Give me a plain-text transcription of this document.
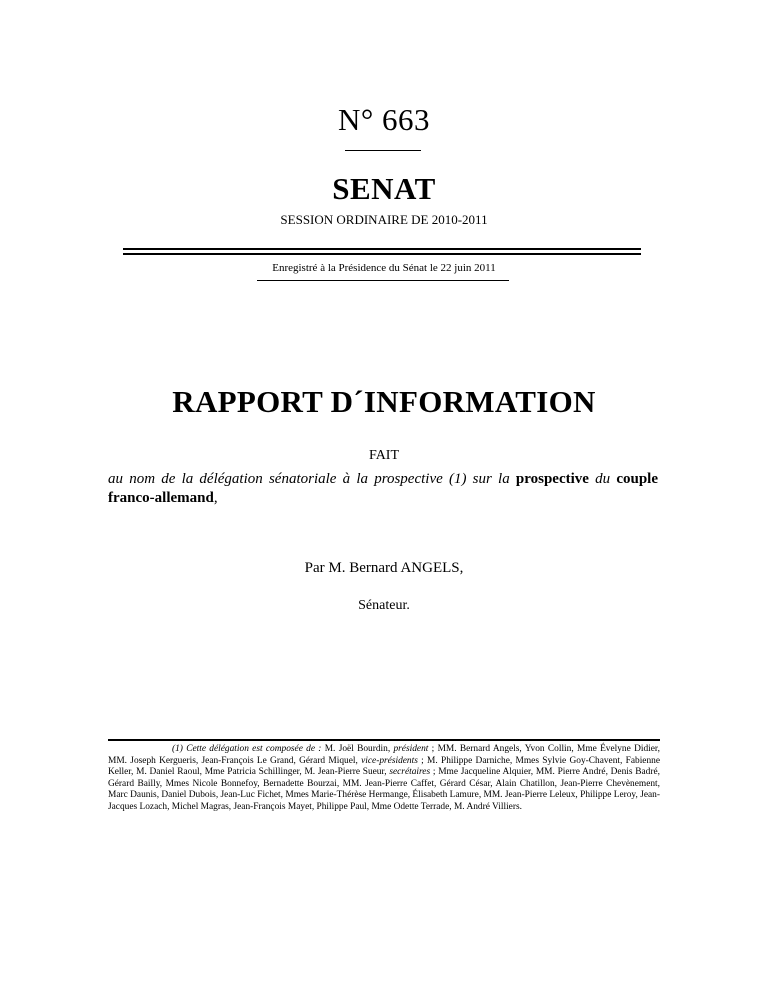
N° 663
SENAT
SESSION ORDINAIRE DE 2010-2011
Enregistré à la Présidence du Sénat le 22 juin 2011
RAPPORT D´INFORMATION
FAIT
au nom de la délégation sénatoriale à la prospective (1) sur la prospective du couple franco-allemand,
Par M. Bernard ANGELS,
Sénateur.
(1) Cette délégation est composée de : M. Joël Bourdin, président ; MM. Bernard Angels, Yvon Collin, Mme Évelyne Didier, MM. Joseph Kergueris, Jean-François Le Grand, Gérard Miquel, vice-présidents ; M. Philippe Darniche, Mmes Sylvie Goy-Chavent, Fabienne Keller, M. Daniel Raoul, Mme Patricia Schillinger, M. Jean-Pierre Sueur, secrétaires ; Mme Jacqueline Alquier, MM. Pierre André, Denis Badré, Gérard Bailly, Mmes Nicole Bonnefoy, Bernadette Bourzai, MM. Jean-Pierre Caffet, Gérard César, Alain Chatillon, Jean-Pierre Chevènement, Marc Daunis, Daniel Dubois, Jean-Luc Fichet, Mmes Marie-Thérèse Hermange, Élisabeth Lamure, MM. Jean-Pierre Leleux, Philippe Leroy, Jean-Jacques Lozach, Michel Magras, Jean-François Mayet, Philippe Paul, Mme Odette Terrade, M. André Villiers.
